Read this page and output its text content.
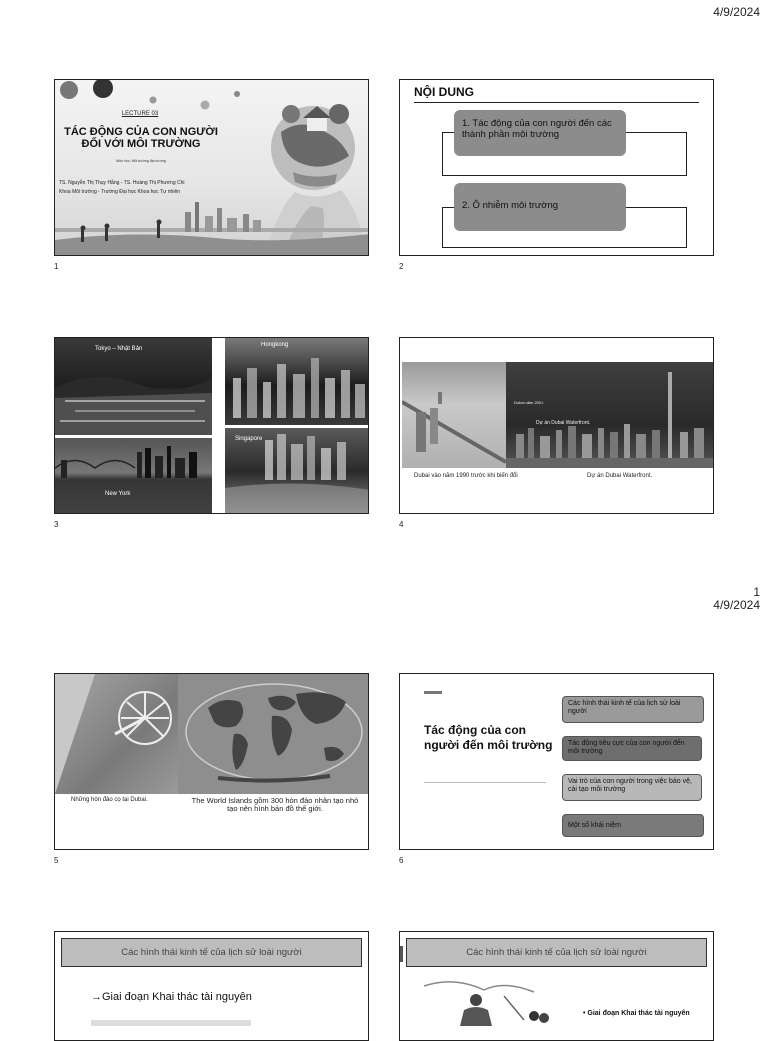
4/9/2024
1
4/9/2024
LECTURE 03
TÁC ĐỘNG CỦA CON NGƯỜI
ĐỐI VỚI MÔI TRƯỜNG
Môn học: Môi trường đại cương
TS. Nguyễn Thị Thụy Hằng - TS. Hoàng Thị Phương Chi
Khoa Môi trường - Trường Đại học Khoa học Tự nhiên
1
NỘI DUNG
1. Tác động của con người đến các thành phần môi trường
2. Ô nhiễm môi trường
2
Tokyo – Nhật Bản
New York
Hongkong
Singapore
3
Dubai năm 2001
Dự án Dubai Waterfront.
Dubai vào năm 1990 trước khi biến đổi	Dự án Dubai Waterfront.
4
Những hòn đảo cọ tại Dubai.	The World Islands gồm 300 hòn đảo nhân tạo nhỏ tạo nên hình bản đồ thế giới.
5
Tác động của con người đến môi trường
Các hình thái kinh tế của lịch sử loài người
Tác động tiêu cực của con người đến môi trường
Vai trò của con người trong việc bảo vệ, cải tạo môi trường
Một số khái niệm
6
Các hình thái kinh tế của lịch sử loài người
→Giai đoạn Khai thác tài nguyên
Các hình thái kinh tế của lịch sử loài người
• Giai đoạn Khai thác tài nguyên
